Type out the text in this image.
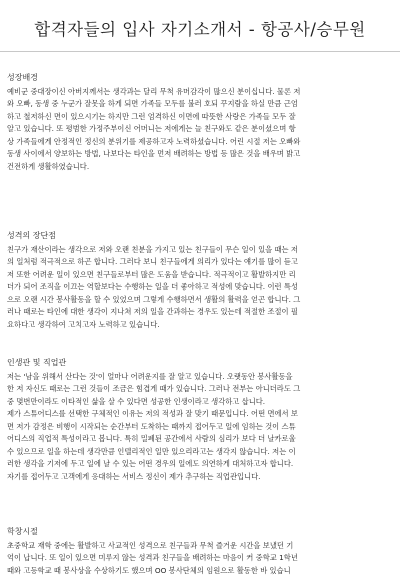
합격자들의 입사 자기소개서 - 항공사/승무원
성장배경
예비군 중대장이신 아버지께서는 생각과는 달리 무척 유머감각이 많으신 분이십니다. 물론 저
와 오빠, 동생 중 누군가 잘못을 하게 되면 가족들 모두를 불러 호되 꾸지람을 하실 만큼 근엄
하고 철저하신 면이 있으시기는 하지만 그런 엄격하신 이면에 따뜻한 사랑은 가족들 모두 잘
알고 있습니다. 또 평범한 가정주부이신 어머니는 저에게는 늘 친구와도 같은 분이셨으며 항
상 가족들에게 안정적인 정신의 분위기를 제공하고자 노력하셨습니다. 어린 시절 저는 오빠와
동생 사이에서 양보하는 방법, 나보다는 타인을 먼저 배려하는 방법 등 많은 것을 배우며 밝고
건전하게 생활하였습니다.
성격의 장단점
친구가 재산이라는 생각으로 저와 오랜 친분을 가지고 있는 친구들이 무슨 일이 있을 때는 저
의 일처럼 적극적으로 하곤 합니다. 그러다 보니 친구들에게 의리가 있다는 얘기를 많이 듣고
저 또한 어려운 일이 있으면 친구들로부터 많은 도움을 받습니다. 적극적이고 활발하지만 리
더가 되어 조직을 이끄는 역할보다는 수행하는 일을 더 좋아하고 적성에 맞습니다. 이런 특성
으로 오랜 시간 봉사활동을 할 수 있었으며 그렇게 수행하면서 생활의 활력을 얻곤 합니다. 그
러나 때로는 타인에 대한 생각이 지나쳐 저의 일을 간과하는 경우도 있는데 적절한 조절이 필
요하다고 생각하여 고치고자 노력하고 있습니다.
인생관 및 직업관
저는 '남을 위해서 산다는 것'이 얼마나 어려운지를 잘 알고 있습니다. 오랫동안 봉사활동을
한 저 자신도 때로는 그런 것들이 조금은 힘겹게 때가 있습니다. 그러나 전부는 아니더라도 그
중 몇번만이라도 이타적인 삶을 살 수 있다면 성공한 인생이라고 생각하고 삽니다.
제가 스튜어디스를 선택한 구체적인 이유는 저의 적성과 잘 맞기 때문입니다. 어떤 면에서 보
면 저가 감정은 비행이 시작되는 순간부터 도착하는 때까지 접어두고 일에 임하는 것이 스튜
어디스의 직업적 특성이라고 봅니다. 특히 밀폐된 공간에서 사람의 심리가 보다 더 날카로울
수 있으므로 일을 하는데 생각만큼 인텔리적인 일만 있으리라고는 생각지 않습니다. 저는 이
러한 생각을 기저에 두고 일에 날 수 있는 어떤 경우의 일에도 의연하게 대처하고자 합니다.
자기를 접어두고 고객에게 응대하는 서비스 정신이 제가 추구하는 직업관입니다.
학창시절
초중학교 재학 중에는 활발하고 사교적인 성격으로 친구들과 무척 즐거운 시간을 보냈던 기
억이 납니다. 또 일이 있으면 미루지 않는 성격과 친구들을 배려하는 마음이 커 중학교 1학년
때와 고등학교 때 봉사상을 수상하기도 했으며 OO 봉사단체의 임원으로 활동한 바 있습니
